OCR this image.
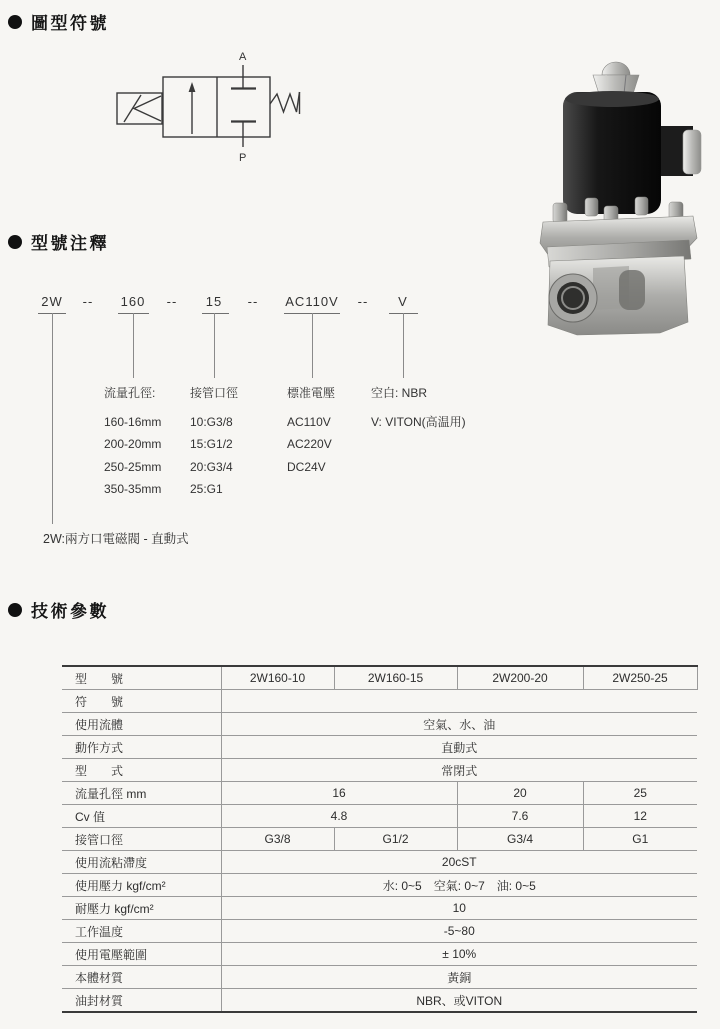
圖型符號
A
P
型號注釋
2W -- 160 -- 15 -- AC110V -- V
流量孔徑:
160-16mm
200-20mm
250-25mm
350-35mm
接管口徑
10:G3/8
15:G1/2
20:G3/4
25:G1
標准電壓
AC110V
AC220V
DC24V
空白: NBR
V: VITON(高温用)
2W:兩方口電磁閥 - 直動式
技術參數
型　　號	2W160-10	2W160-15	2W200-20	2W250-25
符　　號				
使用流體	空氣、水、油			
動作方式	直動式			
型　　式	常閉式			
流量孔徑 mm	16		20	25
Cv 值	4.8		7.6	12
接管口徑	G3/8	G1/2	G3/4	G1
使用流粘滯度	20cST			
使用壓力 kgf/cm²	水: 0~5　空氣: 0~7　油: 0~5			
耐壓力 kgf/cm²	10			
工作温度	-5~80			
使用電壓範圍	± 10%			
本體材質	黃銅			
油封材質	NBR、或VITON			
